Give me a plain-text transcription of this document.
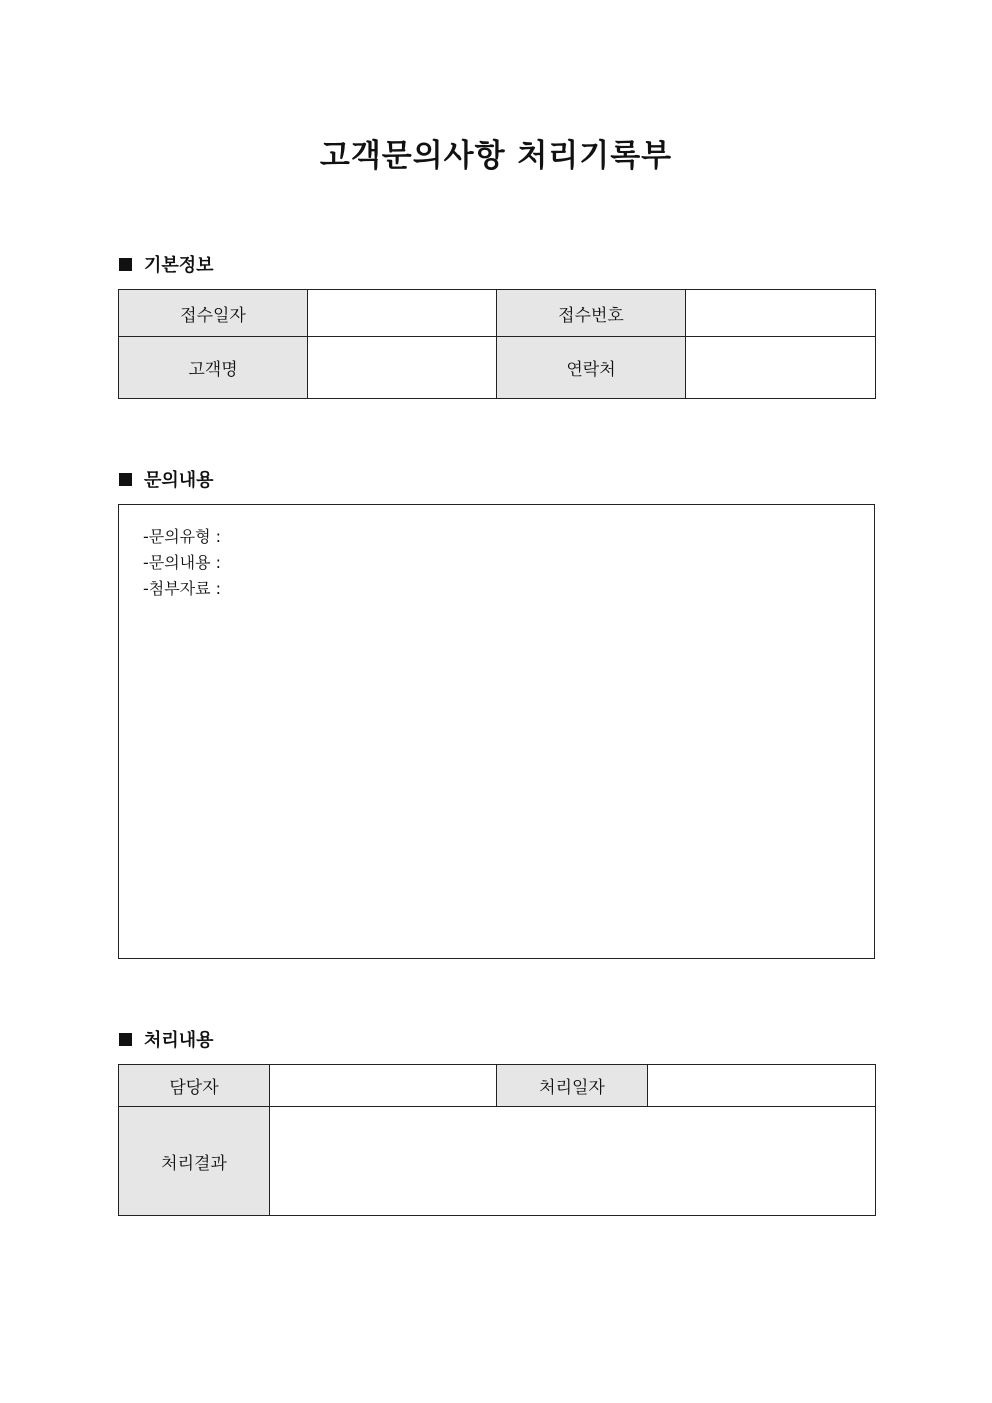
고객문의사항 처리기록부
기본정보
접수일자		접수번호	
고객명		연락처	
문의내용
-문의유형 :
-문의내용 :
-첨부자료 :
처리내용
담당자		처리일자	
처리결과			
